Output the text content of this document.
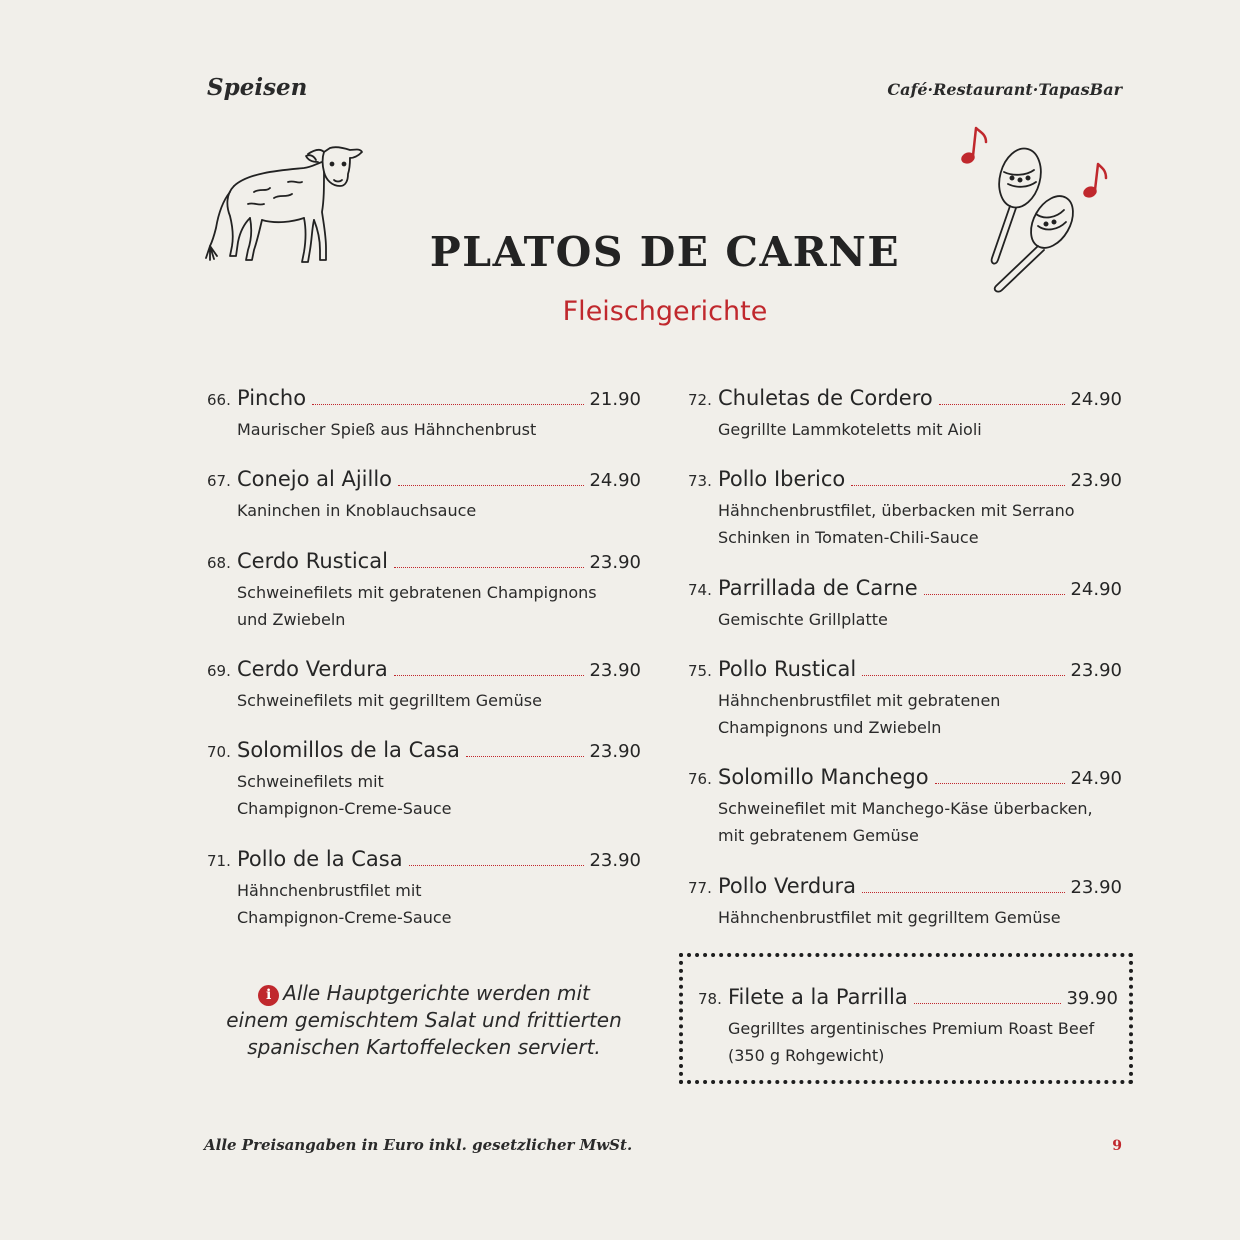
Speisen	Café·Restaurant·TapasBar
PLATOS DE CARNE
Fleischgerichte
66. Pincho	21.90
Maurischer Spieß aus Hähnchenbrust
67. Conejo al Ajillo	24.90
Kaninchen in Knoblauchsauce
68. Cerdo Rustical	23.90
Schweinefilets mit gebratenen Champignons
und Zwiebeln
69. Cerdo Verdura	23.90
Schweinefilets mit gegrilltem Gemüse
70. Solomillos de la Casa	23.90
Schweinefilets mit
Champignon-Creme-Sauce
71. Pollo de la Casa	23.90
Hähnchenbrustfilet mit
Champignon-Creme-Sauce
72. Chuletas de Cordero	24.90
Gegrillte Lammkoteletts mit Aioli
73. Pollo Iberico	23.90
Hähnchenbrustfilet, überbacken mit Serrano
Schinken in Tomaten-Chili-Sauce
74. Parrillada de Carne	24.90
Gemischte Grillplatte
75. Pollo Rustical	23.90
Hähnchenbrustfilet mit gebratenen
Champignons und Zwiebeln
76. Solomillo Manchego	24.90
Schweinefilet mit Manchego-Käse überbacken,
mit gebratenem Gemüse
77. Pollo Verdura	23.90
Hähnchenbrustfilet mit gegrilltem Gemüse
78. Filete a la Parrilla	39.90
Gegrilltes argentinisches Premium Roast Beef
(350 g Rohgewicht)
i Alle Hauptgerichte werden mit
einem gemischtem Salat und frittierten
spanischen Kartoffelecken serviert.
Alle Preisangaben in Euro inkl. gesetzlicher MwSt.	9
